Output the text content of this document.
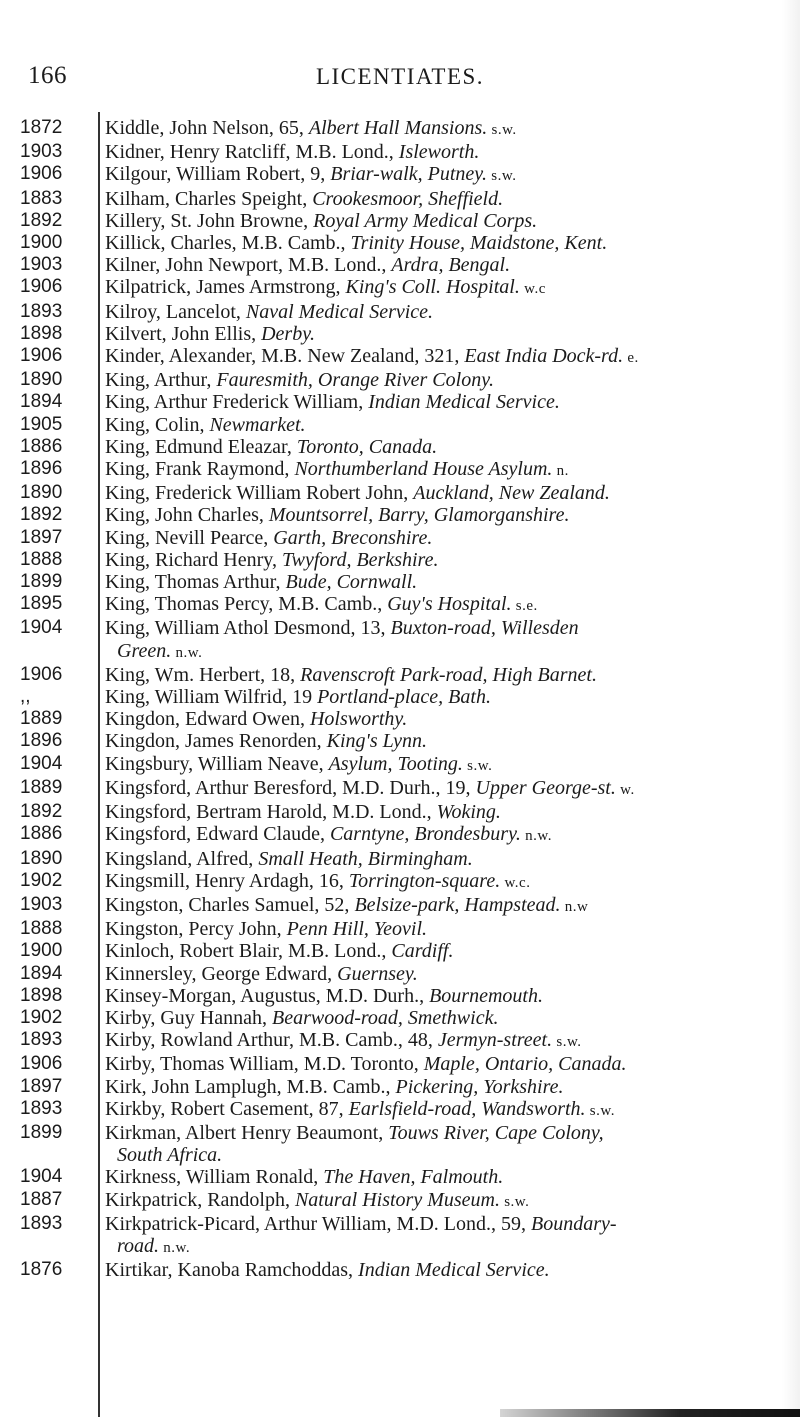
166	LICENTIATES.
1872	Kiddle, John Nelson, 65, Albert Hall Mansions. s.w.
1903	Kidner, Henry Ratcliff, M.B. Lond., Isleworth.
1906	Kilgour, William Robert, 9, Briar-walk, Putney. s.w.
1883	Kilham, Charles Speight, Crookesmoor, Sheffield.
1892	Killery, St. John Browne, Royal Army Medical Corps.
1900	Killick, Charles, M.B. Camb., Trinity House, Maidstone, Kent.
1903	Kilner, John Newport, M.B. Lond., Ardra, Bengal.
1906	Kilpatrick, James Armstrong, King's Coll. Hospital. w.c
1893	Kilroy, Lancelot, Naval Medical Service.
1898	Kilvert, John Ellis, Derby.
1906	Kinder, Alexander, M.B. New Zealand, 321, East India Dock-rd. e.
1890	King, Arthur, Fauresmith, Orange River Colony.
1894	King, Arthur Frederick William, Indian Medical Service.
1905	King, Colin, Newmarket.
1886	King, Edmund Eleazar, Toronto, Canada.
1896	King, Frank Raymond, Northumberland House Asylum. n.
1890	King, Frederick William Robert John, Auckland, New Zealand.
1892	King, John Charles, Mountsorrel, Barry, Glamorganshire.
1897	King, Nevill Pearce, Garth, Breconshire.
1888	King, Richard Henry, Twyford, Berkshire.
1899	King, Thomas Arthur, Bude, Cornwall.
1895	King, Thomas Percy, M.B. Camb., Guy's Hospital. s.e.
1904	King, William Athol Desmond, 13, Buxton-road, Willesden
Green. n.w.
1906	King, Wm. Herbert, 18, Ravenscroft Park-road, High Barnet.
,,	King, William Wilfrid, 19 Portland-place, Bath.
1889	Kingdon, Edward Owen, Holsworthy.
1896	Kingdon, James Renorden, King's Lynn.
1904	Kingsbury, William Neave, Asylum, Tooting. s.w.
1889	Kingsford, Arthur Beresford, M.D. Durh., 19, Upper George-st. w.
1892	Kingsford, Bertram Harold, M.D. Lond., Woking.
1886	Kingsford, Edward Claude, Carntyne, Brondesbury. n.w.
1890	Kingsland, Alfred, Small Heath, Birmingham.
1902	Kingsmill, Henry Ardagh, 16, Torrington-square. w.c.
1903	Kingston, Charles Samuel, 52, Belsize-park, Hampstead. n.w
1888	Kingston, Percy John, Penn Hill, Yeovil.
1900	Kinloch, Robert Blair, M.B. Lond., Cardiff.
1894	Kinnersley, George Edward, Guernsey.
1898	Kinsey-Morgan, Augustus, M.D. Durh., Bournemouth.
1902	Kirby, Guy Hannah, Bearwood-road, Smethwick.
1893	Kirby, Rowland Arthur, M.B. Camb., 48, Jermyn-street. s.w.
1906	Kirby, Thomas William, M.D. Toronto, Maple, Ontario, Canada.
1897	Kirk, John Lamplugh, M.B. Camb., Pickering, Yorkshire.
1893	Kirkby, Robert Casement, 87, Earlsfield-road, Wandsworth. s.w.
1899	Kirkman, Albert Henry Beaumont, Touws River, Cape Colony,
South Africa.
1904	Kirkness, William Ronald, The Haven, Falmouth.
1887	Kirkpatrick, Randolph, Natural History Museum. s.w.
1893	Kirkpatrick-Picard, Arthur William, M.D. Lond., 59, Boundary-
road. n.w.
1876	Kirtikar, Kanoba Ramchoddas, Indian Medical Service.
